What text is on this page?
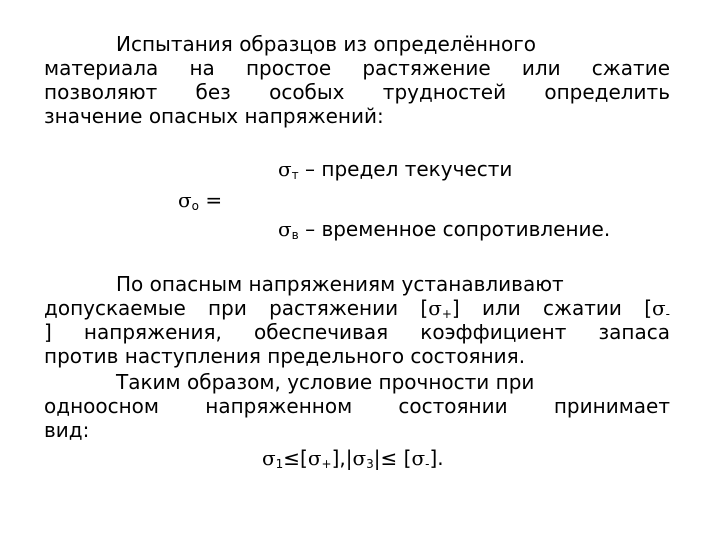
Испытания образцов из определённого
материала на простое растяжение или сжатие
позволяют без особых трудностей определить
значение опасных напряжений:
$\sigma_о$ =
$\sigma_т$ – предел текучести
$\sigma_в$ – временное сопротивление.
По опасным напряжениям устанавливают
допускаемые при растяжении $[\sigma_+]$ или сжатии [$\sigma_-$
] напряжения, обеспечивая коэффициент запаса
против наступления предельного состояния.
Таким образом, условие прочности при
одноосном напряженном состоянии принимает
вид:
$\sigma_1\le[\sigma_+],|\sigma_3|\le [\sigma_-]$.
